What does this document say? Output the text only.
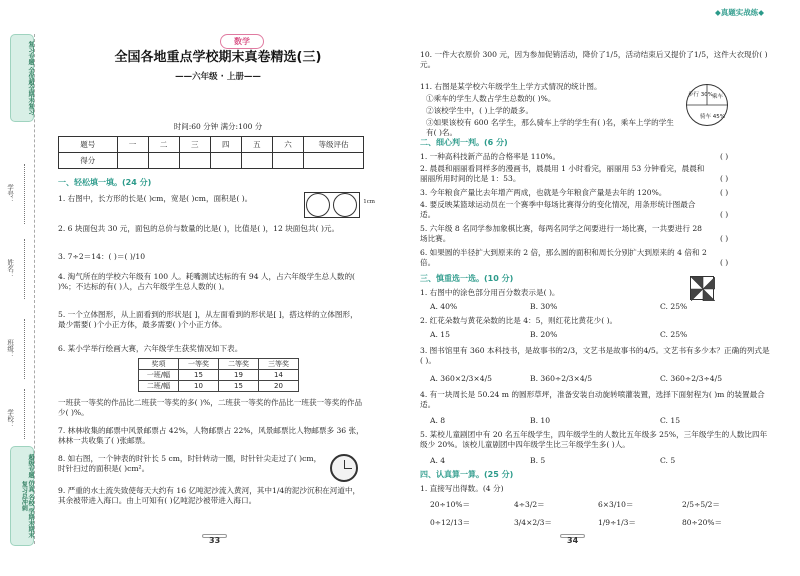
复习专题 全优超全期末复习
学号：
姓名：
班级：
学校：
超级专题 仿真 名校 学期末期末复习总冲刺
数学
全国各地重点学校期末真卷精选(三)
——六年级 · 上册——
时间:60 分钟 满分:100 分
题号	一	二	三	四	五	六	等级评估
得分							
一、轻松填一填。(24 分)
1. 右图中，长方形的长是( )cm，宽是( )cm，面积是( )。	1cm
2. 6 块面包共 30 元，面包的总价与数量的比是( )，比值是( )，12 块面包共( )元。
3. 7÷2＝14：( )＝( )/10
4. 淘气所在的学校六年级有 100 人。耗嘴测试达标的有 94 人，占六年级学生总人数的( )%；不达标的有( )人，占六年级学生总人数的( )。
5. 一个立体图形，从上面看到的形状是[ ]，从左面看到的形状是[ ]，搭这样的立体图形，最少需要( )个小正方体，最多需要( )个小正方体。
6. 某小学举行绘画大赛，六年级学生获奖情况如下表。
奖项	一等奖	二等奖	三等奖
一班/幅	15	19	14
二班/幅	10	15	20
一班获一等奖的作品比二班获一等奖的多( )%，二班获一等奖的作品比一班获一等奖的作品少( )%。
7. 林林收集的邮票中风景邮票占 42%，人物邮票占 22%，风景邮票比人物邮票多 36 张，林林一共收集了( )张邮票。
8. 如右图，一个钟表的时针长 5 cm，时针转动一圈，时针针尖走过了( )cm，时针扫过的面积是( )cm²。
9. 严重的水土流失致使每天大约有 16 亿吨泥沙流入黄河，其中1/4的泥沙沉积在河道中，其余被带进入海口。由上可知有( )亿吨泥沙被带进入海口。
33
◆真题实战练◆
10. 一件大衣原价 300 元，因为参加促销活动，降价了1/5，活动结束后又提价了1/5，这件大衣现价( )元。
11. 右图是某学校六年级学生上学方式情况的统计图。
①乘车的学生人数占学生总数的( )%。
②该校学生中，( )上学的最多。
③如果该校有 600 名学生，那么骑车上学的学生有( )名，乘车上学的学生有( )名。
步行 30% 乘车
骑车 45%
二、细心判一判。(6 分)
1. 一种高科技新产品的合格率是 110%。	( )
2. 晨晨和丽丽看同样多的漫画书，晨晨用 1 小时看完，丽丽用 53 分钟看完，晨晨和丽丽所用时间的比是 1：53。	( )
3. 今年粮食产量比去年增产两成，也就是今年粮食产量是去年的 120%。	( )
4. 要反映某篮球运动员在一个赛季中每场比赛得分的变化情况，用条形统计图最合适。	( )
5. 六年级 8 名同学参加象棋比赛，每两名同学之间要进行一场比赛，一共要进行 28 场比赛。	( )
6. 如果圆的半径扩大到原来的 2 倍，那么圆的面积和周长分别扩大到原来的 4 倍和 2 倍。	( )
三、慎重选一选。(10 分)
1. 右图中的涂色部分用百分数表示是( )。
A. 40%	B. 30%	C. 25%
2. 红花朵数与黄花朵数的比是 4：5，则红花比黄花少( )。
A. 15	B. 20%	C. 25%
3. 图书馆里有 360 本科技书，是故事书的2/3，文艺书是故事书的4/5。文艺书有多少本？正确的列式是( )。
A. 360×2/3×4/5	B. 360÷2/3×4/5	C. 360÷2/3÷4/5
4. 有一块周长是 50.24 m 的圆形草坪，准备安装自动旋转喷灌装置，选择下面射程为( )m 的装置最合适。
A. 8	B. 10	C. 15
5. 某校儿童剧团中有 20 名五年级学生，四年级学生的人数比五年级多 25%，三年级学生的人数比四年级少 20%。该校儿童剧团中四年级学生比三年级学生多( )人。
A. 4	B. 5	C. 5
四、认真算一算。(25 分)
1. 直接写出得数。(4 分)
20÷10%＝	4÷3/2＝	6×3/10＝	2/5÷5/2＝
0÷12/13＝	3/4×2/3＝	1/9÷1/3＝	80÷20%＝
34
